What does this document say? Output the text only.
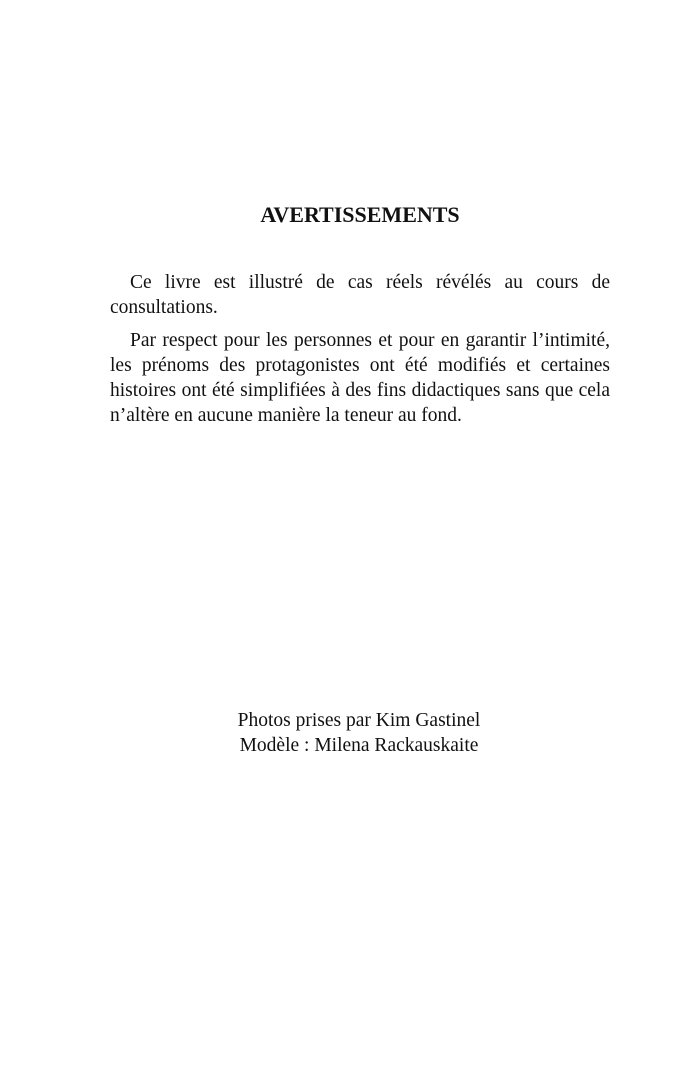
AVERTISSEMENTS

Ce livre est illustré de cas réels révélés au cours de consultations.

Par respect pour les personnes et pour en garantir l’intimité, les prénoms des protagonistes ont été modifiés et certaines histoires ont été simplifiées à des fins didactiques sans que cela n’altère en aucune manière la teneur au fond.

Photos prises par Kim Gastinel
Modèle : Milena Rackauskaite
